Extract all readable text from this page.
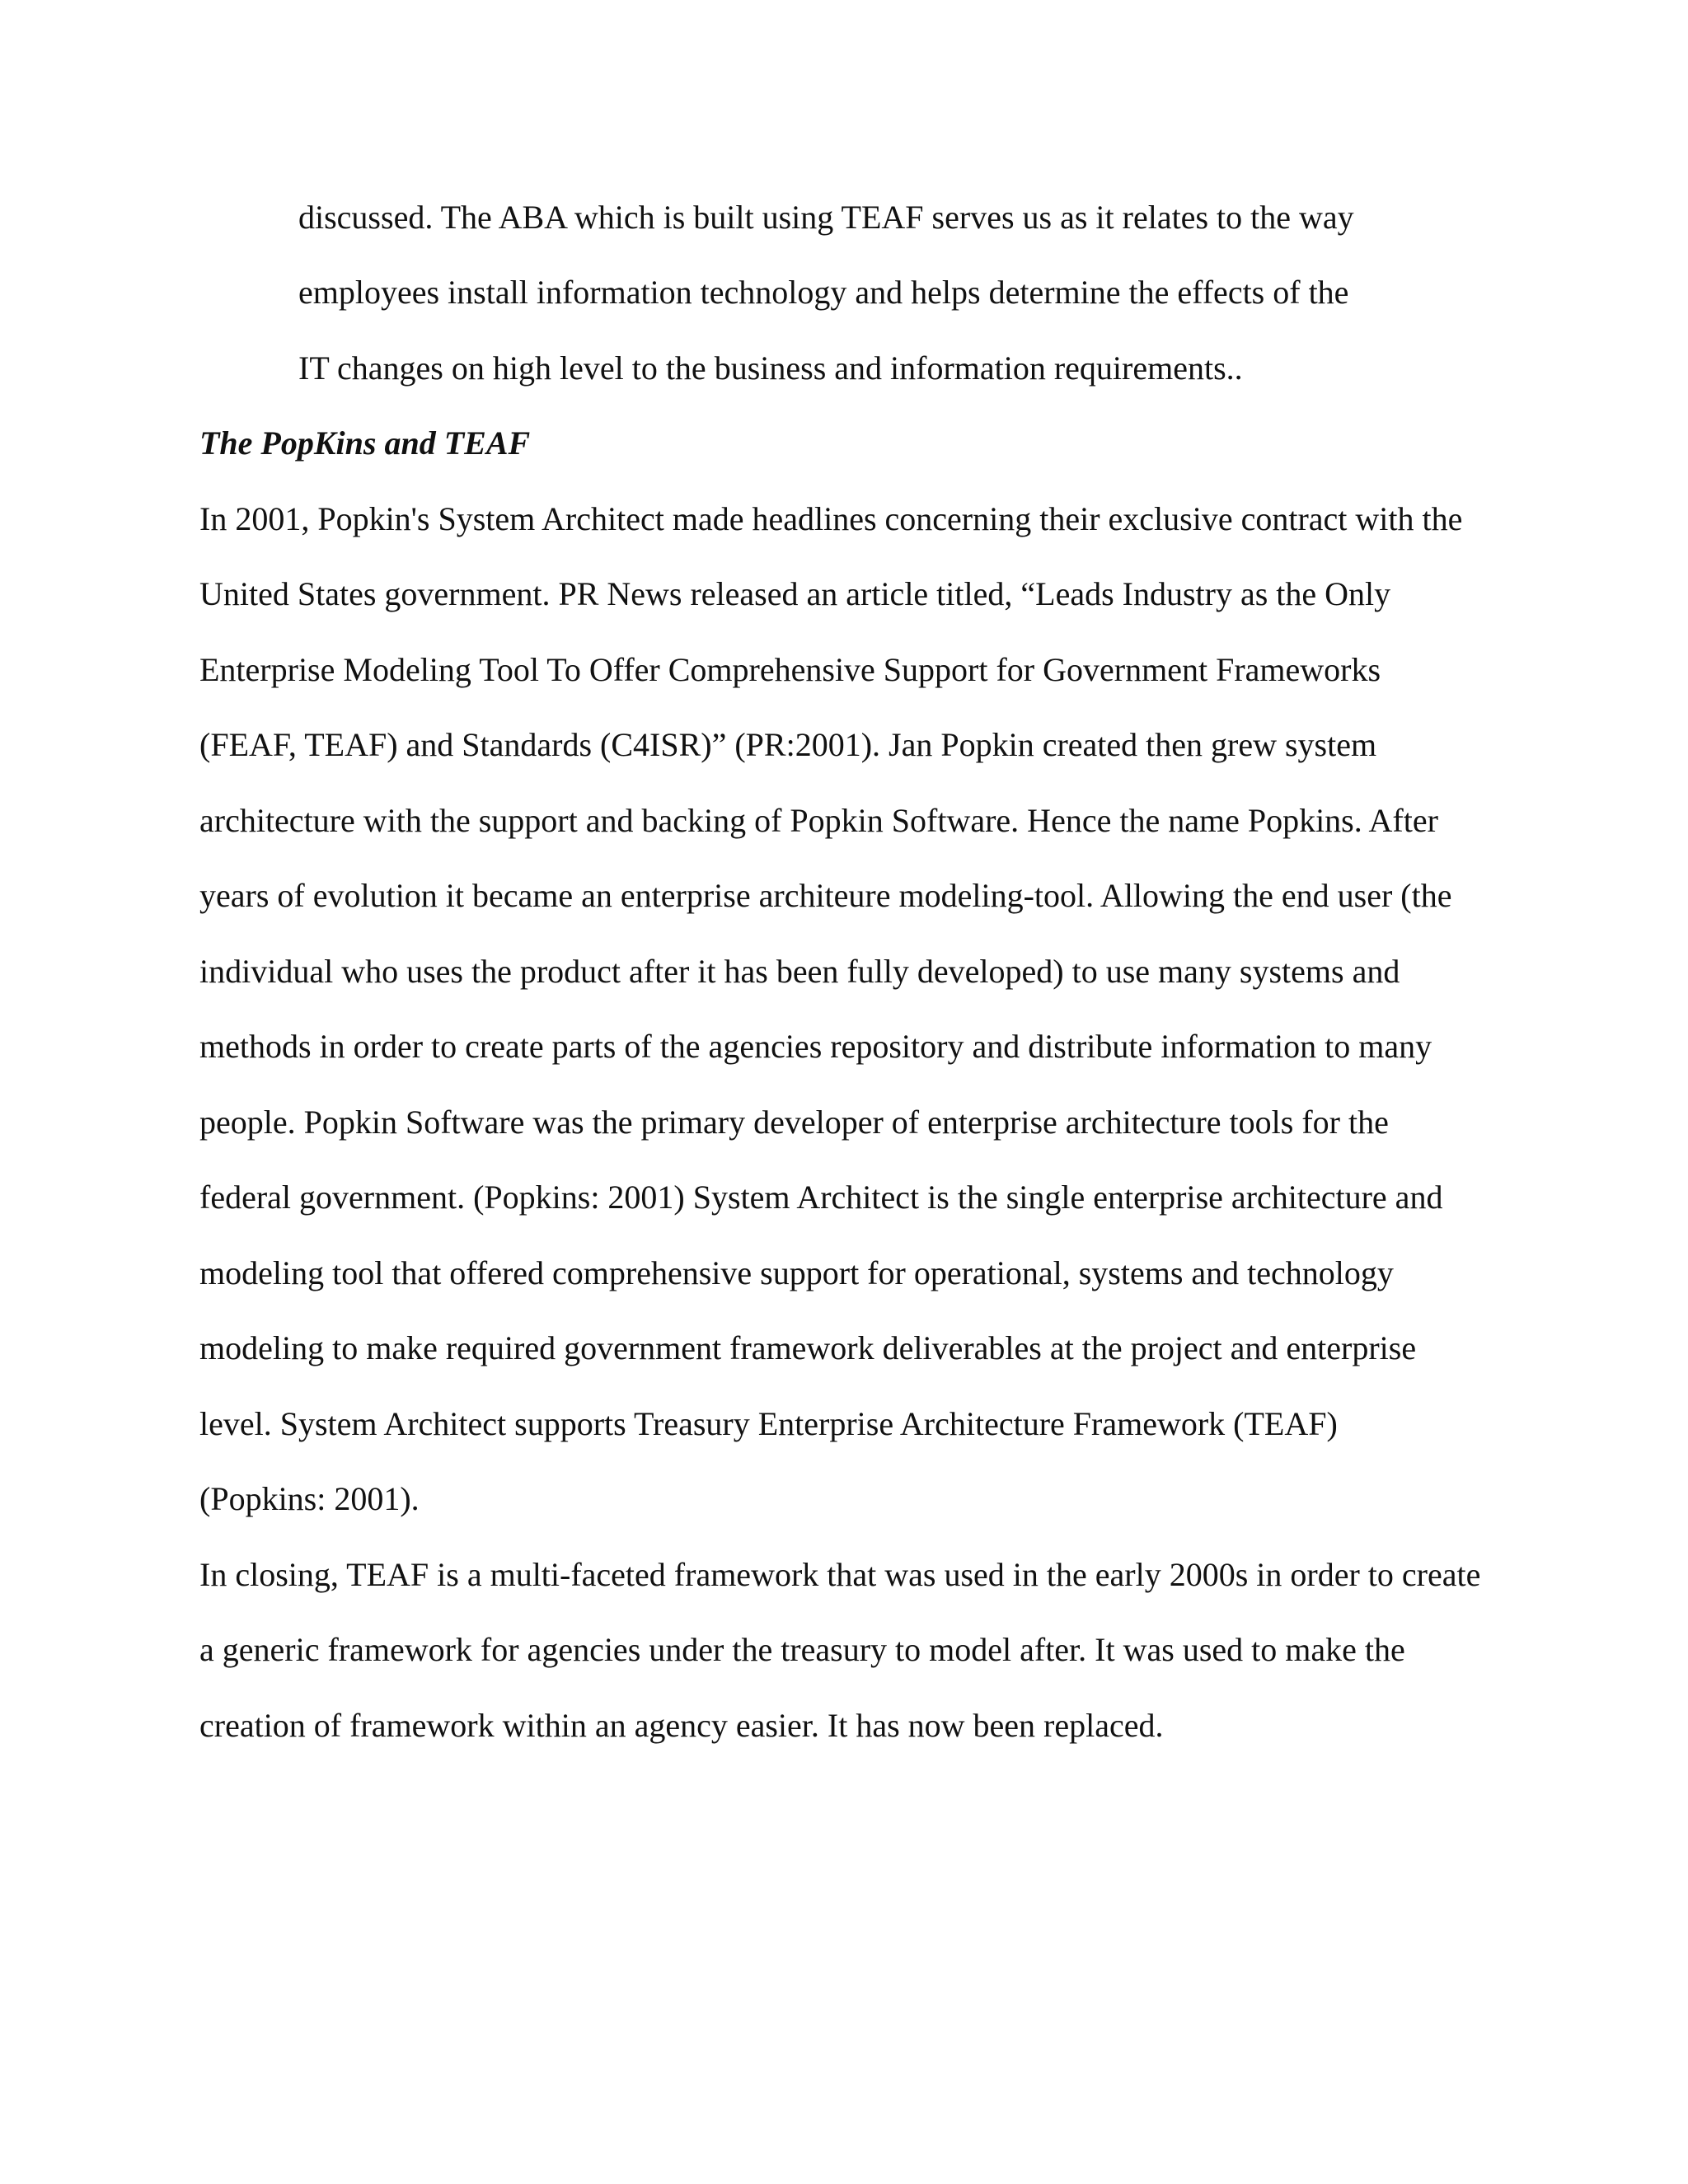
discussed. The ABA which is built using TEAF serves us as it relates to the way
employees install information technology and helps determine the effects of the
IT changes on high level to the business and information requirements..
The PopKins and TEAF
In 2001, Popkin's System Architect made headlines concerning their exclusive contract with the
United States government. PR News released an article titled, “Leads Industry as the Only
Enterprise Modeling Tool To Offer Comprehensive Support for Government Frameworks
(FEAF, TEAF) and Standards (C4ISR)” (PR:2001). Jan Popkin created then grew system
architecture with the support and backing of Popkin Software. Hence the name Popkins. After
years of evolution it became an enterprise architeure modeling-tool. Allowing the end user (the
individual who uses the product after it has been fully developed) to use many systems and
methods in order to create parts of the agencies repository and distribute information to many
people. Popkin Software was the primary developer of enterprise architecture tools for the
federal government. (Popkins: 2001) System Architect is the single enterprise architecture and
modeling tool that offered comprehensive support for operational, systems and technology
modeling to make required government framework deliverables at the project and enterprise
level. System Architect supports Treasury Enterprise Architecture Framework (TEAF)
(Popkins: 2001).
In closing, TEAF is a multi-faceted framework that was used in the early 2000s in order to create
a generic framework for agencies under the treasury to model after. It was used to make the
creation of framework within an agency easier. It has now been replaced.
